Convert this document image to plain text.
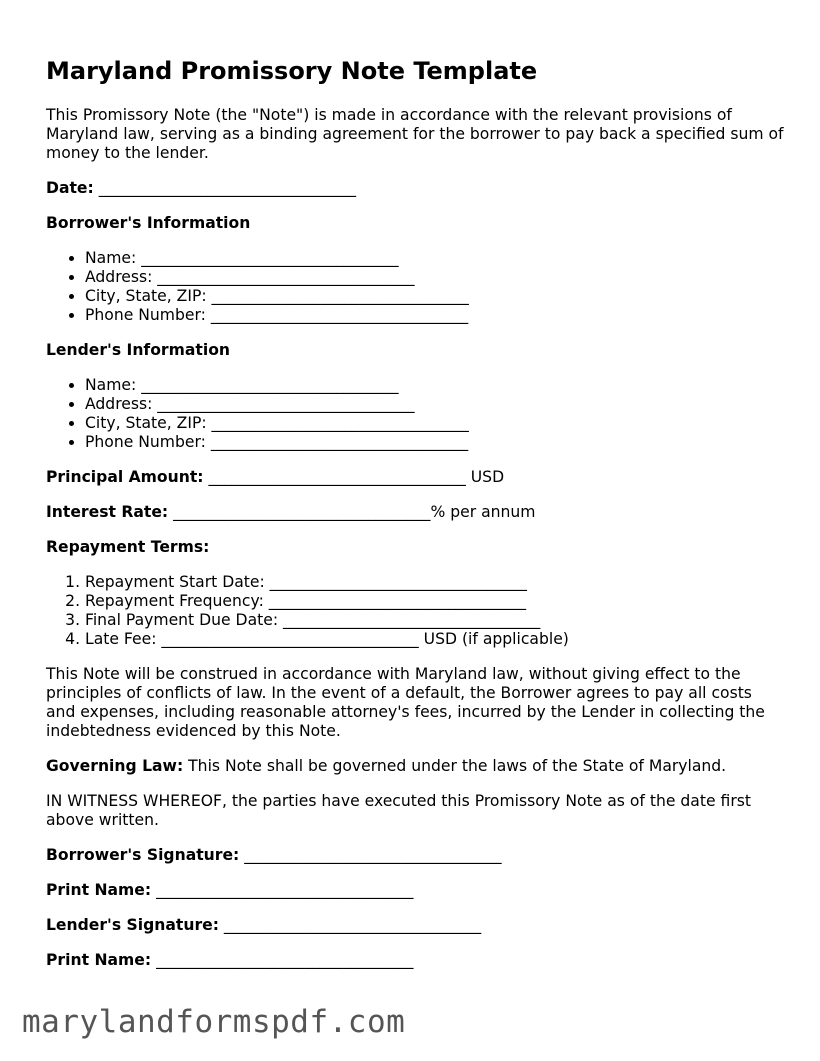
Maryland Promissory Note Template

This Promissory Note (the "Note") is made in accordance with the relevant provisions of Maryland law, serving as a binding agreement for the borrower to pay back a specified sum of money to the lender.

Date: _________________________________
Borrower's Information
• Name: _________________________________
• Address: _________________________________
• City, State, ZIP: _________________________________
• Phone Number: _________________________________
Lender's Information
• Name: _________________________________
• Address: _________________________________
• City, State, ZIP: _________________________________
• Phone Number: _________________________________
Principal Amount: _________________________________ USD
Interest Rate: _________________________________% per annum
Repayment Terms:
1. Repayment Start Date: _________________________________
2. Repayment Frequency: _________________________________
3. Final Payment Due Date: _________________________________
4. Late Fee: _________________________________ USD (if applicable)

This Note will be construed in accordance with Maryland law, without giving effect to the principles of conflicts of law. In the event of a default, the Borrower agrees to pay all costs and expenses, including reasonable attorney's fees, incurred by the Lender in collecting the indebtedness evidenced by this Note.

Governing Law: This Note shall be governed under the laws of the State of Maryland.

IN WITNESS WHEREOF, the parties have executed this Promissory Note as of the date first above written.

Borrower's Signature: _________________________________
Print Name: _________________________________
Lender's Signature: _________________________________
Print Name: _________________________________
marylandformspdf.com
